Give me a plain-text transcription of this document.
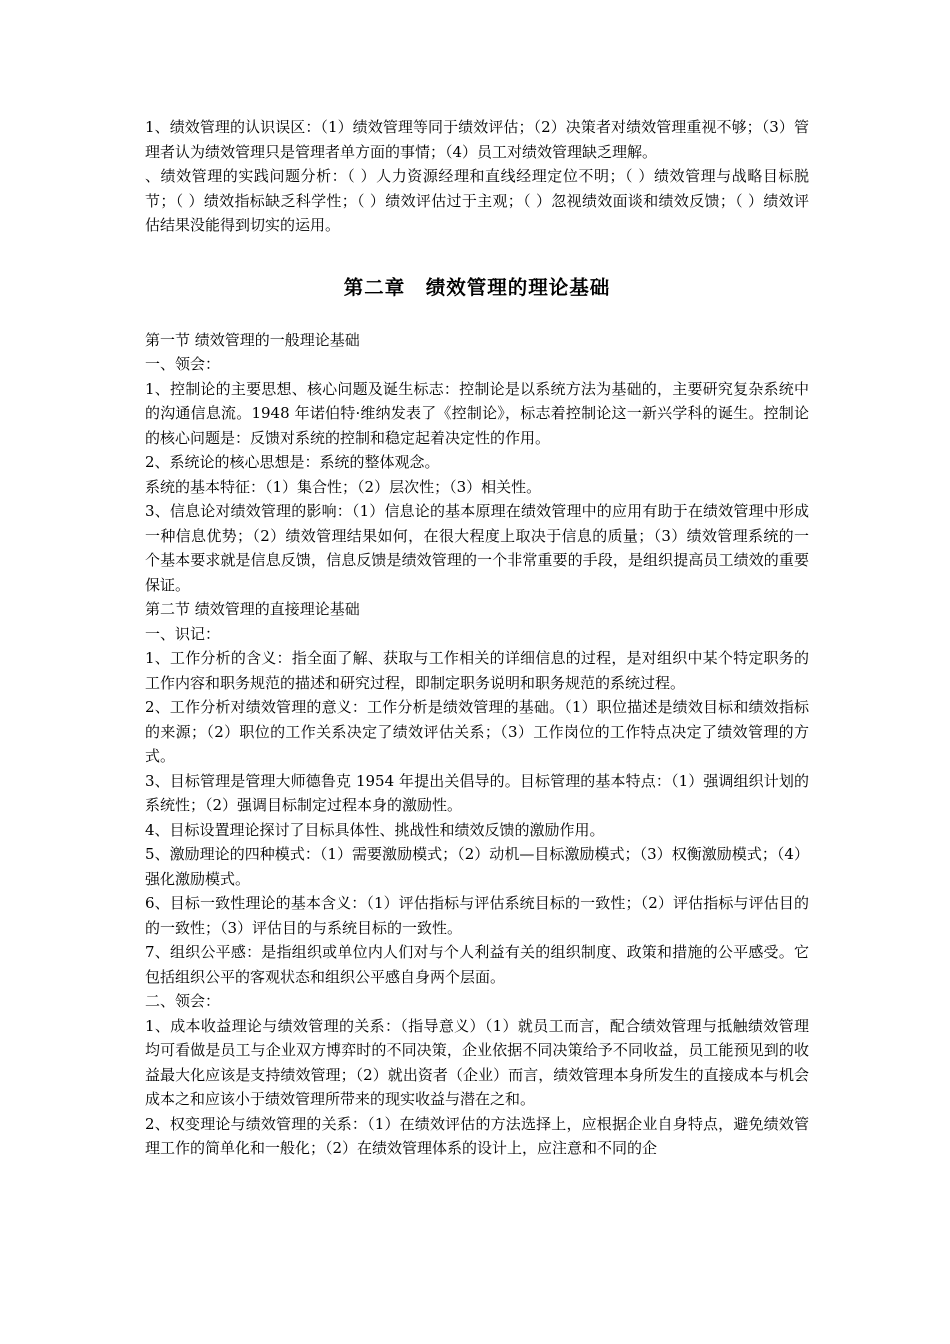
1、绩效管理的认识误区：（1）绩效管理等同于绩效评估；（2）决策者对绩效管理重视不够；（3）管理者认为绩效管理只是管理者单方面的事情；（4）员工对绩效管理缺乏理解。

、绩效管理的实践问题分析：（ ）人力资源经理和直线经理定位不明；（ ）绩效管理与战略目标脱节；（ ）绩效指标缺乏科学性；（ ）绩效评估过于主观；（ ）忽视绩效面谈和绩效反馈；（ ）绩效评估结果没能得到切实的运用。

第二章　绩效管理的理论基础

第一节 绩效管理的一般理论基础

一、领会：

1、控制论的主要思想、核心问题及诞生标志：控制论是以系统方法为基础的，主要研究复杂系统中的沟通信息流。1948 年诺伯特·维纳发表了《控制论》，标志着控制论这一新兴学科的诞生。控制论的核心问题是：反馈对系统的控制和稳定起着决定性的作用。

2、系统论的核心思想是：系统的整体观念。

系统的基本特征：（1）集合性；（2）层次性；（3）相关性。

3、信息论对绩效管理的影响：（1）信息论的基本原理在绩效管理中的应用有助于在绩效管理中形成一种信息优势；（2）绩效管理结果如何，在很大程度上取决于信息的质量；（3）绩效管理系统的一个基本要求就是信息反馈，信息反馈是绩效管理的一个非常重要的手段，是组织提高员工绩效的重要保证。

第二节 绩效管理的直接理论基础

一、识记：

1、工作分析的含义：指全面了解、获取与工作相关的详细信息的过程，是对组织中某个特定职务的工作内容和职务规范的描述和研究过程，即制定职务说明和职务规范的系统过程。

2、工作分析对绩效管理的意义：工作分析是绩效管理的基础。（1）职位描述是绩效目标和绩效指标的来源；（2）职位的工作关系决定了绩效评估关系；（3）工作岗位的工作特点决定了绩效管理的方式。

3、目标管理是管理大师德鲁克 1954 年提出关倡导的。目标管理的基本特点：（1）强调组织计划的系统性；（2）强调目标制定过程本身的激励性。

4、目标设置理论探讨了目标具体性、挑战性和绩效反馈的激励作用。

5、激励理论的四种模式：（1）需要激励模式；（2）动机—目标激励模式；（3）权衡激励模式；（4）强化激励模式。

6、目标一致性理论的基本含义：（1）评估指标与评估系统目标的一致性；（2）评估指标与评估目的的一致性；（3）评估目的与系统目标的一致性。

7、组织公平感：是指组织或单位内人们对与个人利益有关的组织制度、政策和措施的公平感受。它包括组织公平的客观状态和组织公平感自身两个层面。

二、领会：

1、成本收益理论与绩效管理的关系：（指导意义）（1）就员工而言，配合绩效管理与抵触绩效管理均可看做是员工与企业双方博弈时的不同决策，企业依据不同决策给予不同收益，员工能预见到的收益最大化应该是支持绩效管理；（2）就出资者（企业）而言，绩效管理本身所发生的直接成本与机会成本之和应该小于绩效管理所带来的现实收益与潜在之和。

2、权变理论与绩效管理的关系：（1）在绩效评估的方法选择上，应根据企业自身特点，避免绩效管理工作的简单化和一般化；（2）在绩效管理体系的设计上，应注意和不同的企
